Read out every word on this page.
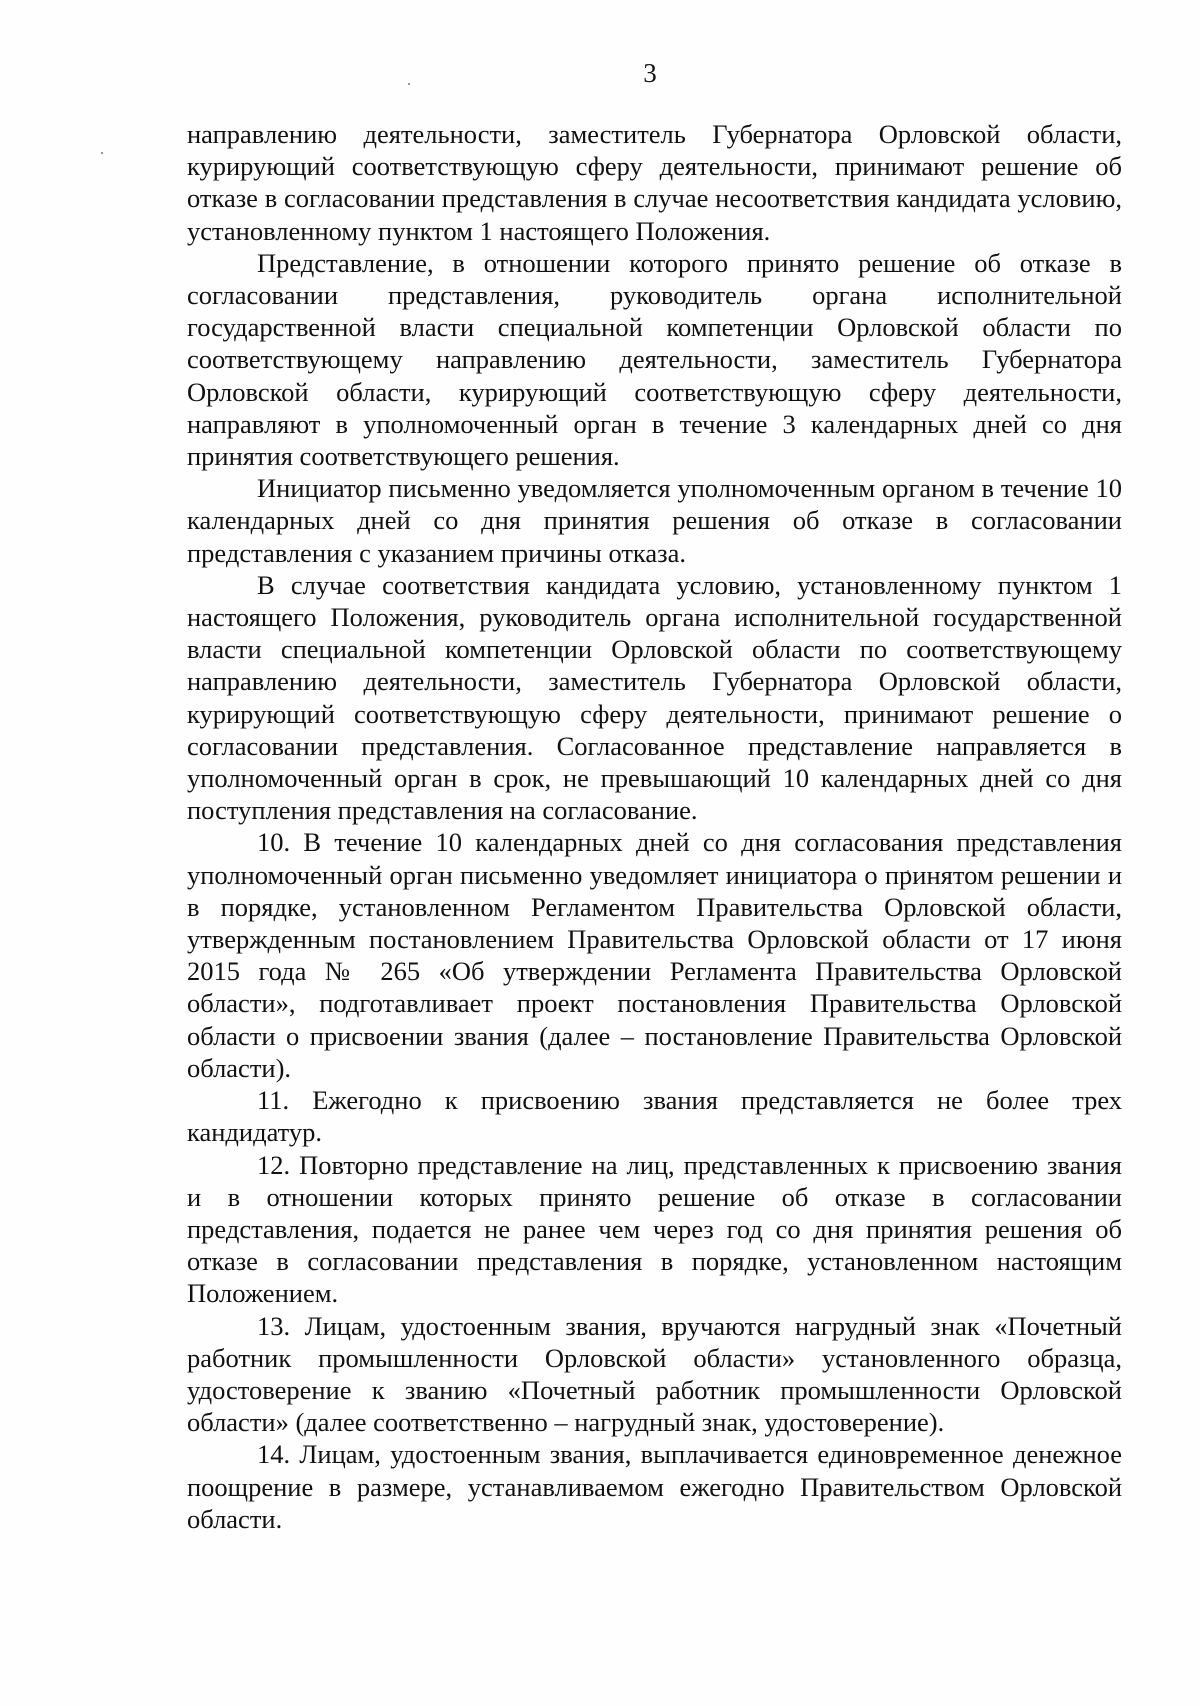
3

направлению деятельности, заместитель Губернатора Орловской области, курирующий соответствующую сферу деятельности, принимают решение об отказе в согласовании представления в случае несоответствия кандидата условию, установленному пунктом 1 настоящего Положения.

Представление, в отношении которого принято решение об отказе в согласовании представления, руководитель органа исполнительной государственной власти специальной компетенции Орловской области по соответствующему направлению деятельности, заместитель Губернатора Орловской области, курирующий соответствующую сферу деятельности, направляют в уполномоченный орган в течение 3 календарных дней со дня принятия соответствующего решения.

Инициатор письменно уведомляется уполномоченным органом в течение 10 календарных дней со дня принятия решения об отказе в согласовании представления с указанием причины отказа.

В случае соответствия кандидата условию, установленному пунктом 1 настоящего Положения, руководитель органа исполнительной государственной власти специальной компетенции Орловской области по соответствующему направлению деятельности, заместитель Губернатора Орловской области, курирующий соответствующую сферу деятельности, принимают решение о согласовании представления. Согласованное представление направляется в уполномоченный орган в срок, не превышающий 10 календарных дней со дня поступления представления на согласование.

10. В течение 10 календарных дней со дня согласования представления уполномоченный орган письменно уведомляет инициатора о принятом решении и в порядке, установленном Регламентом Правительства Орловской области, утвержденным постановлением Правительства Орловской области от 17 июня 2015 года № 265 «Об утверждении Регламента Правительства Орловской области», подготавливает проект постановления Правительства Орловской области о присвоении звания (далее – постановление Правительства Орловской области).

11. Ежегодно к присвоению звания представляется не более трех кандидатур.

12. Повторно представление на лиц, представленных к присвоению звания и в отношении которых принято решение об отказе в согласовании представления, подается не ранее чем через год со дня принятия решения об отказе в согласовании представления в порядке, установленном настоящим Положением.

13. Лицам, удостоенным звания, вручаются нагрудный знак «Почетный работник промышленности Орловской области» установленного образца, удостоверение к званию «Почетный работник промышленности Орловской области» (далее соответственно – нагрудный знак, удостоверение).

14. Лицам, удостоенным звания, выплачивается единовременное денежное поощрение в размере, устанавливаемом ежегодно Правительством Орловской области.
